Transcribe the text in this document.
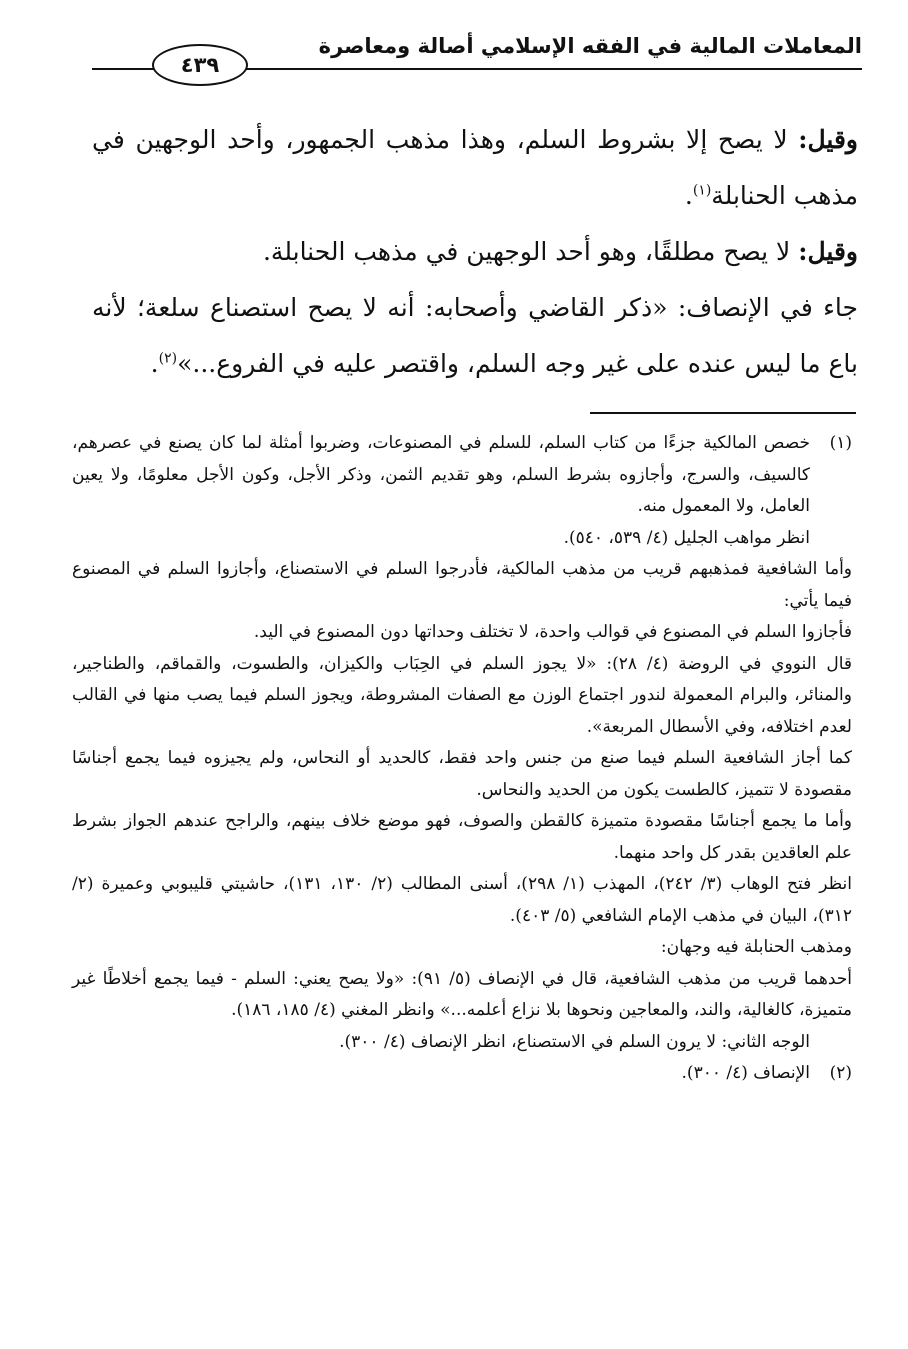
المعاملات المالية في الفقه الإسلامي أصالة ومعاصرة
٤٣٩

وقيل: لا يصح إلا بشروط السلم، وهذا مذهب الجمهور، وأحد الوجهين في مذهب الحنابلة$^{(١)}$.

وقيل: لا يصح مطلقًا، وهو أحد الوجهين في مذهب الحنابلة.

جاء في الإنصاف: «ذكر القاضي وأصحابه: أنه لا يصح استصناع سلعة؛ لأنه باع ما ليس عنده على غير وجه السلم، واقتصر عليه في الفروع...»$^{(٢)}$.

(١)

خصص المالكية جزءًا من كتاب السلم، للسلم في المصنوعات، وضربوا أمثلة لما كان يصنع في عصرهم، كالسيف، والسرج، وأجازوه بشرط السلم، وهو تقديم الثمن، وذكر الأجل، وكون الأجل معلومًا، ولا يعين العامل، ولا المعمول منه.

انظر مواهب الجليل (٤/ ٥٣٩، ٥٤٠).

وأما الشافعية فمذهبهم قريب من مذهب المالكية، فأدرجوا السلم في الاستصناع، وأجازوا السلم في المصنوع فيما يأتي:

فأجازوا السلم في المصنوع في قوالب واحدة، لا تختلف وحداتها دون المصنوع في اليد.

قال النووي في الروضة (٤/ ٢٨): «لا يجوز السلم في الحِبَاب والكيزان، والطسوت، والقماقم، والطناجير، والمنائر، والبرام المعمولة لندور اجتماع الوزن مع الصفات المشروطة، ويجوز السلم فيما يصب منها في القالب لعدم اختلافه، وفي الأسطال المربعة».

كما أجاز الشافعية السلم فيما صنع من جنس واحد فقط، كالحديد أو النحاس، ولم يجيزوه فيما يجمع أجناسًا مقصودة لا تتميز، كالطست يكون من الحديد والنحاس.

وأما ما يجمع أجناسًا مقصودة متميزة كالقطن والصوف، فهو موضع خلاف بينهم، والراجح عندهم الجواز بشرط علم العاقدين بقدر كل واحد منهما.

انظر فتح الوهاب (٣/ ٢٤٢)، المهذب (١/ ٢٩٨)، أسنى المطالب (٢/ ١٣٠، ١٣١)، حاشيتي قليبوبي وعميرة (٢/ ٣١٢)، البيان في مذهب الإمام الشافعي (٥/ ٤٠٣).

ومذهب الحنابلة فيه وجهان:

أحدهما قريب من مذهب الشافعية، قال في الإنصاف (٥/ ٩١): «ولا يصح يعني: السلم - فيما يجمع أخلاطًا غير متميزة، كالغالية، والند، والمعاجين ونحوها بلا نزاع أعلمه...» وانظر المغني (٤/ ١٨٥، ١٨٦).

الوجه الثاني: لا يرون السلم في الاستصناع، انظر الإنصاف (٤/ ٣٠٠).

(٢)

الإنصاف (٤/ ٣٠٠).
